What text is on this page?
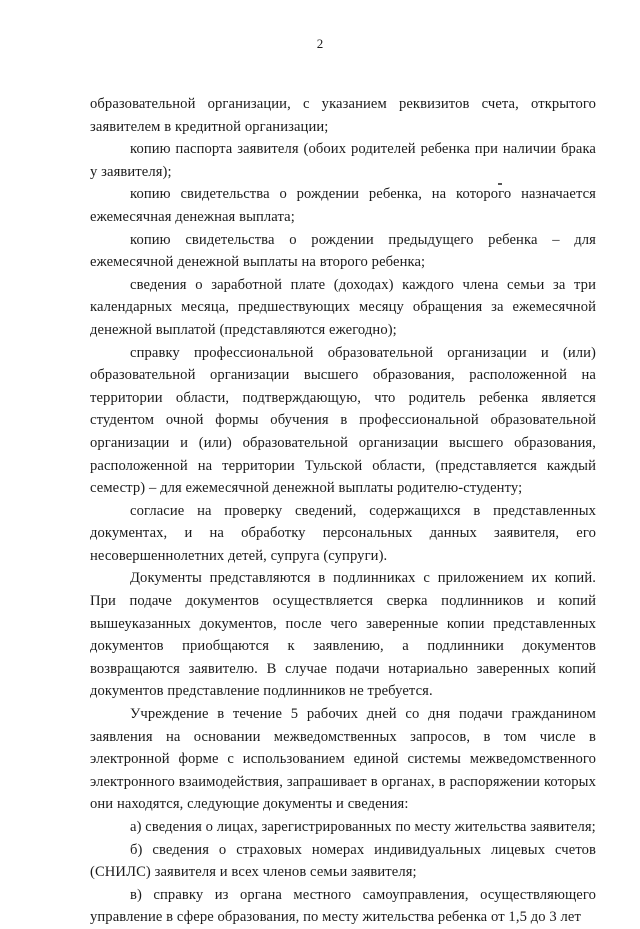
2

образовательной организации, с указанием реквизитов счета, открытого заявителем в кредитной организации;

копию паспорта заявителя (обоих родителей ребенка при наличии брака у заявителя);

копию свидетельства о рождении ребенка, на которого назначается ежемесячная денежная выплата;

копию свидетельства о рождении предыдущего ребенка – для ежемесячной денежной выплаты на второго ребенка;

сведения о заработной плате (доходах) каждого члена семьи за три календарных месяца, предшествующих месяцу обращения за ежемесячной денежной выплатой (представляются ежегодно);

справку профессиональной образовательной организации и (или) образовательной организации высшего образования, расположенной на территории области, подтверждающую, что родитель ребенка является студентом очной формы обучения в профессиональной образовательной организации и (или) образовательной организации высшего образования, расположенной на территории Тульской области, (представляется каждый семестр) – для ежемесячной денежной выплаты родителю-студенту;

согласие на проверку сведений, содержащихся в представленных документах, и на обработку персональных данных заявителя, его несовершеннолетних детей, супруга (супруги).

Документы представляются в подлинниках с приложением их копий. При подаче документов осуществляется сверка подлинников и копий вышеуказанных документов, после чего заверенные копии представленных документов приобщаются к заявлению, а подлинники документов возвращаются заявителю. В случае подачи нотариально заверенных копий документов представление подлинников не требуется.

Учреждение в течение 5 рабочих дней со дня подачи гражданином заявления на основании межведомственных запросов, в том числе в электронной форме с использованием единой системы межведомственного электронного взаимодействия, запрашивает в органах, в распоряжении которых они находятся, следующие документы и сведения:

а) сведения о лицах, зарегистрированных по месту жительства заявителя;

б) сведения о страховых номерах индивидуальных лицевых счетов (СНИЛС) заявителя и всех членов семьи заявителя;

в) справку из органа местного самоуправления, осуществляющего управление в сфере образования, по месту жительства ребенка от 1,5 до 3 лет
